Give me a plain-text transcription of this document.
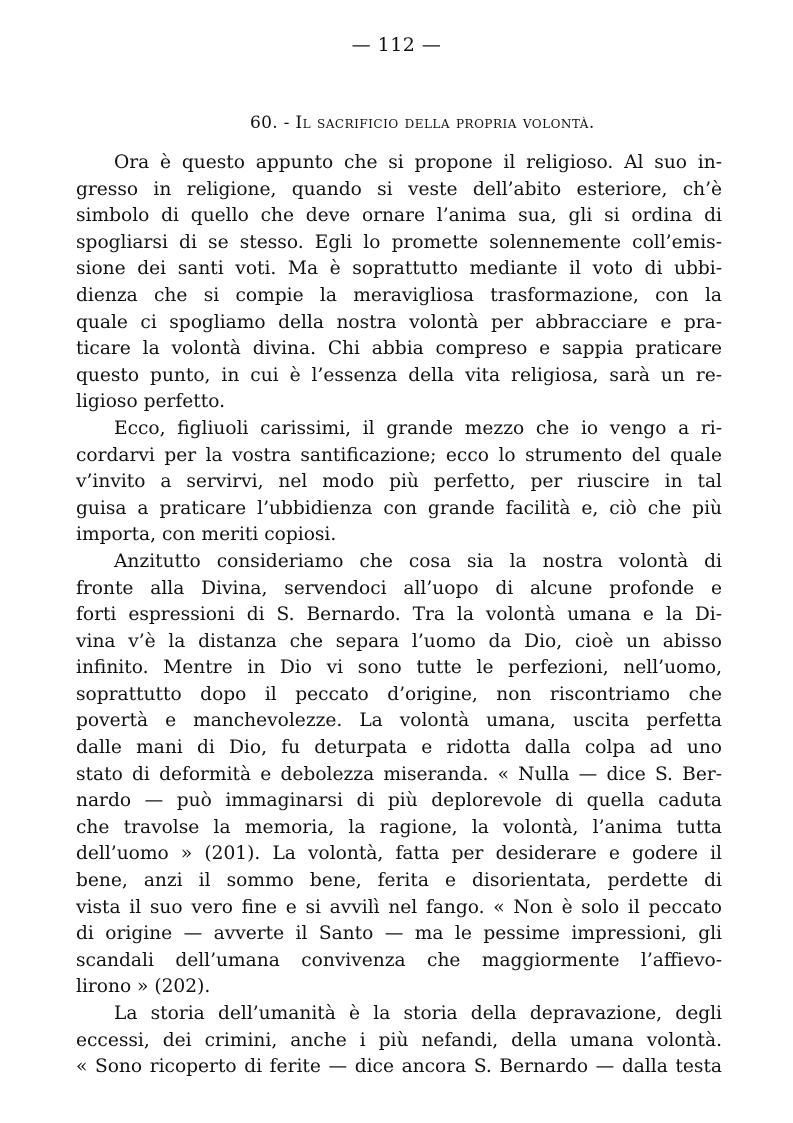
— 112 —
60. - Il sacrificio della propria volontà.
Ora è questo appunto che si propone il religioso. Al suo in-
gresso in religione, quando si veste dell’abito esteriore, ch’è
simbolo di quello che deve ornare l’anima sua, gli si ordina di
spogliarsi di se stesso. Egli lo promette solennemente coll’emis-
sione dei santi voti. Ma è soprattutto mediante il voto di ubbi-
dienza che si compie la meravigliosa trasformazione, con la
quale ci spogliamo della nostra volontà per abbracciare e pra-
ticare la volontà divina. Chi abbia compreso e sappia praticare
questo punto, in cui è l’essenza della vita religiosa, sarà un re-
ligioso perfetto.
Ecco, figliuoli carissimi, il grande mezzo che io vengo a ri-
cordarvi per la vostra santificazione; ecco lo strumento del quale
v’invito a servirvi, nel modo più perfetto, per riuscire in tal
guisa a praticare l’ubbidienza con grande facilità e, ciò che più
importa, con meriti copiosi.
Anzitutto consideriamo che cosa sia la nostra volontà di
fronte alla Divina, servendoci all’uopo di alcune profonde e
forti espressioni di S. Bernardo. Tra la volontà umana e la Di-
vina v’è la distanza che separa l’uomo da Dio, cioè un abisso
infinito. Mentre in Dio vi sono tutte le perfezioni, nell’uomo,
soprattutto dopo il peccato d’origine, non riscontriamo che
povertà e manchevolezze. La volontà umana, uscita perfetta
dalle mani di Dio, fu deturpata e ridotta dalla colpa ad uno
stato di deformità e debolezza miseranda. « Nulla — dice S. Ber-
nardo — può immaginarsi di più deplorevole di quella caduta
che travolse la memoria, la ragione, la volontà, l’anima tutta
dell’uomo » (201). La volontà, fatta per desiderare e godere il
bene, anzi il sommo bene, ferita e disorientata, perdette di
vista il suo vero fine e si avvilì nel fango. « Non è solo il peccato
di origine — avverte il Santo — ma le pessime impressioni, gli
scandali dell’umana convivenza che maggiormente l’affievo-
lirono » (202).
La storia dell’umanità è la storia della depravazione, degli
eccessi, dei crimini, anche i più nefandi, della umana volontà.
« Sono ricoperto di ferite — dice ancora S. Bernardo — dalla testa
